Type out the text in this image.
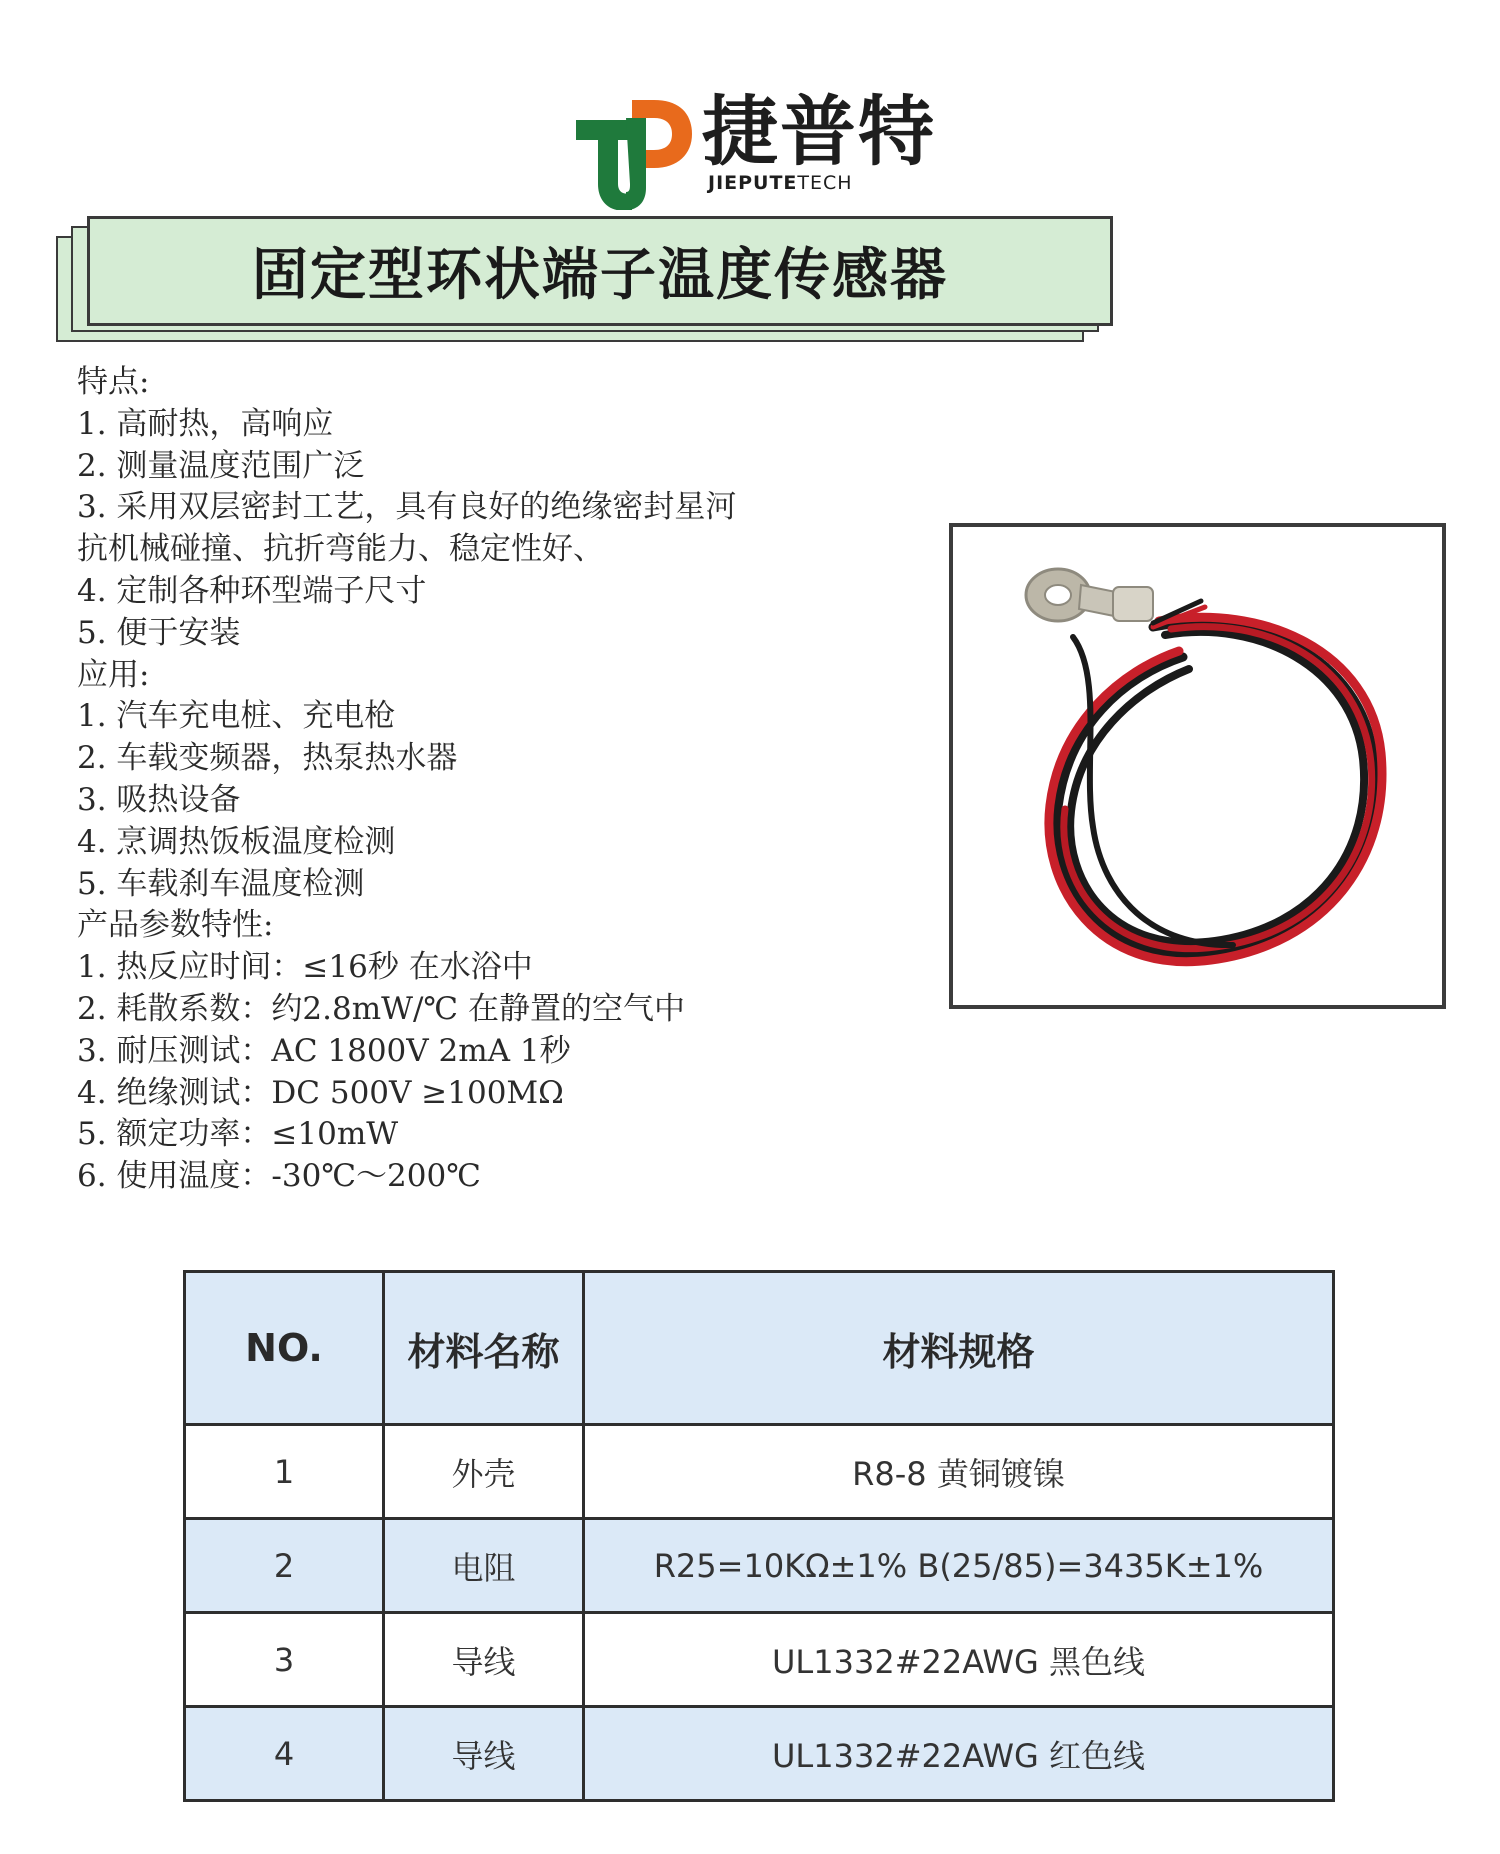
捷普特
JIEPUTETECH
固定型环状端子温度传感器
特点:
1. 高耐热，高响应
2. 测量温度范围广泛
3. 采用双层密封工艺，具有良好的绝缘密封星河
抗机械碰撞、抗折弯能力、稳定性好、
4. 定制各种环型端子尺寸
5. 便于安装
应用:
1. 汽车充电桩、充电枪
2. 车载变频器，热泵热水器
3. 吸热设备
4. 烹调热饭板温度检测
5. 车载刹车温度检测
产品参数特性:
1. 热反应时间：≤16秒 在水浴中
2. 耗散系数：约2.8mW/℃ 在静置的空气中
3. 耐压测试：AC 1800V 2mA 1秒
4. 绝缘测试：DC 500V ≥100MΩ
5. 额定功率：≤10mW
6. 使用温度：-30℃～200℃
NO.	材料名称	材料规格
1	外壳	R8-8 黄铜镀镍
2	电阻	R25=10KΩ±1% B(25/85)=3435K±1%
3	导线	UL1332#22AWG 黑色线
4	导线	UL1332#22AWG 红色线
